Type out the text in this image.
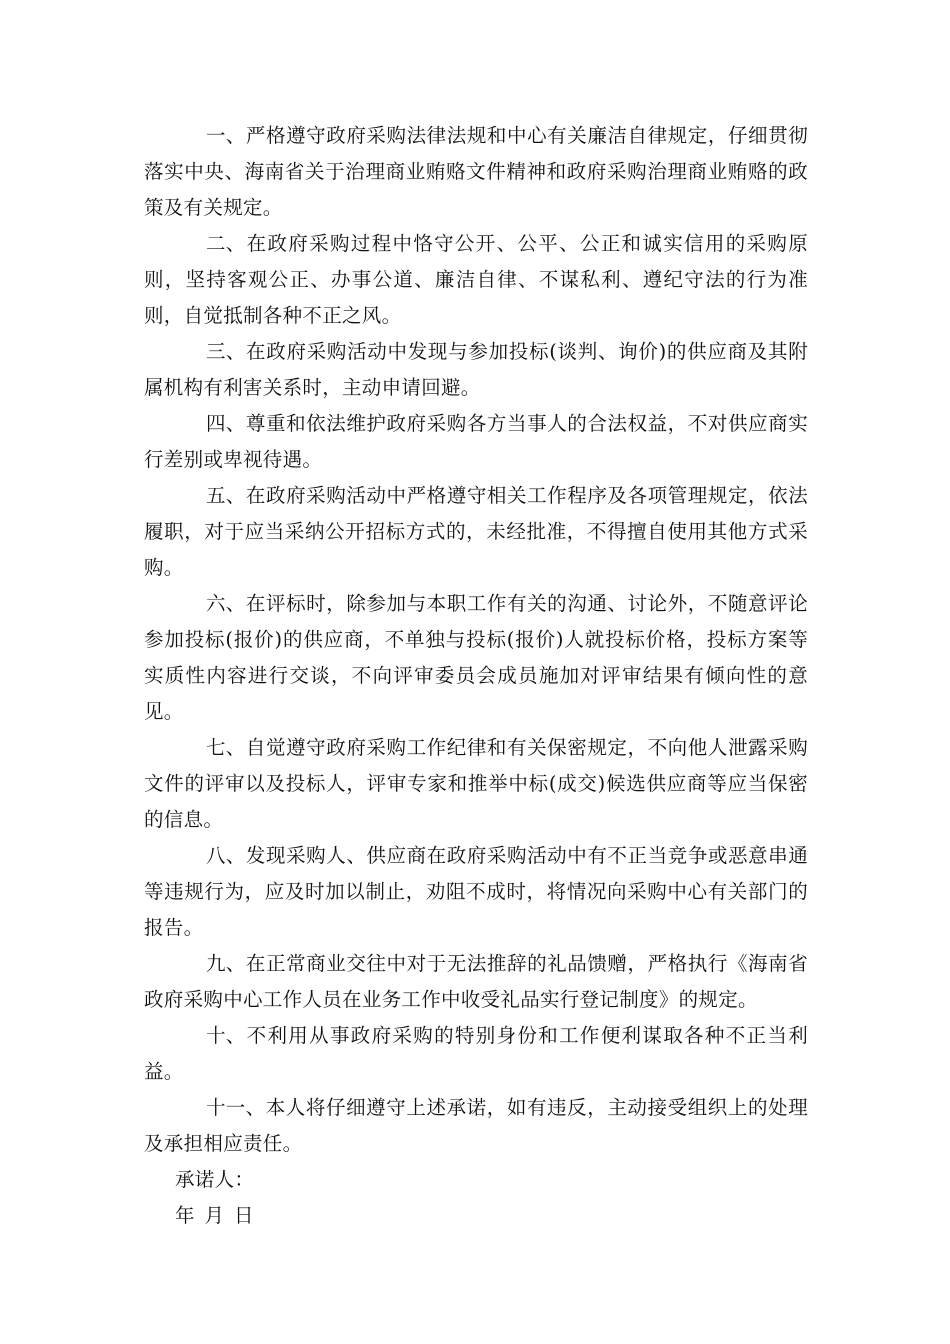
一、严格遵守政府采购法律法规和中心有关廉洁自律规定，仔细贯彻落实中央、海南省关于治理商业贿赂文件精神和政府采购治理商业贿赂的政策及有关规定。

二、在政府采购过程中恪守公开、公平、公正和诚实信用的采购原则，坚持客观公正、办事公道、廉洁自律、不谋私利、遵纪守法的行为准则，自觉抵制各种不正之风。

三、在政府采购活动中发现与参加投标(谈判、询价)的供应商及其附属机构有利害关系时，主动申请回避。

四、尊重和依法维护政府采购各方当事人的合法权益，不对供应商实行差别或卑视待遇。

五、在政府采购活动中严格遵守相关工作程序及各项管理规定，依法履职，对于应当采纳公开招标方式的，未经批准，不得擅自使用其他方式采购。

六、在评标时，除参加与本职工作有关的沟通、讨论外，不随意评论参加投标(报价)的供应商，不单独与投标(报价)人就投标价格，投标方案等实质性内容进行交谈，不向评审委员会成员施加对评审结果有倾向性的意见。

七、自觉遵守政府采购工作纪律和有关保密规定，不向他人泄露采购文件的评审以及投标人，评审专家和推举中标(成交)候选供应商等应当保密的信息。

八、发现采购人、供应商在政府采购活动中有不正当竞争或恶意串通等违规行为，应及时加以制止，劝阻不成时，将情况向采购中心有关部门的报告。

九、在正常商业交往中对于无法推辞的礼品馈赠，严格执行《海南省政府采购中心工作人员在业务工作中收受礼品实行登记制度》的规定。

十、不利用从事政府采购的特别身份和工作便利谋取各种不正当利益。

十一、本人将仔细遵守上述承诺，如有违反，主动接受组织上的处理及承担相应责任。

承诺人：

年 月 日
